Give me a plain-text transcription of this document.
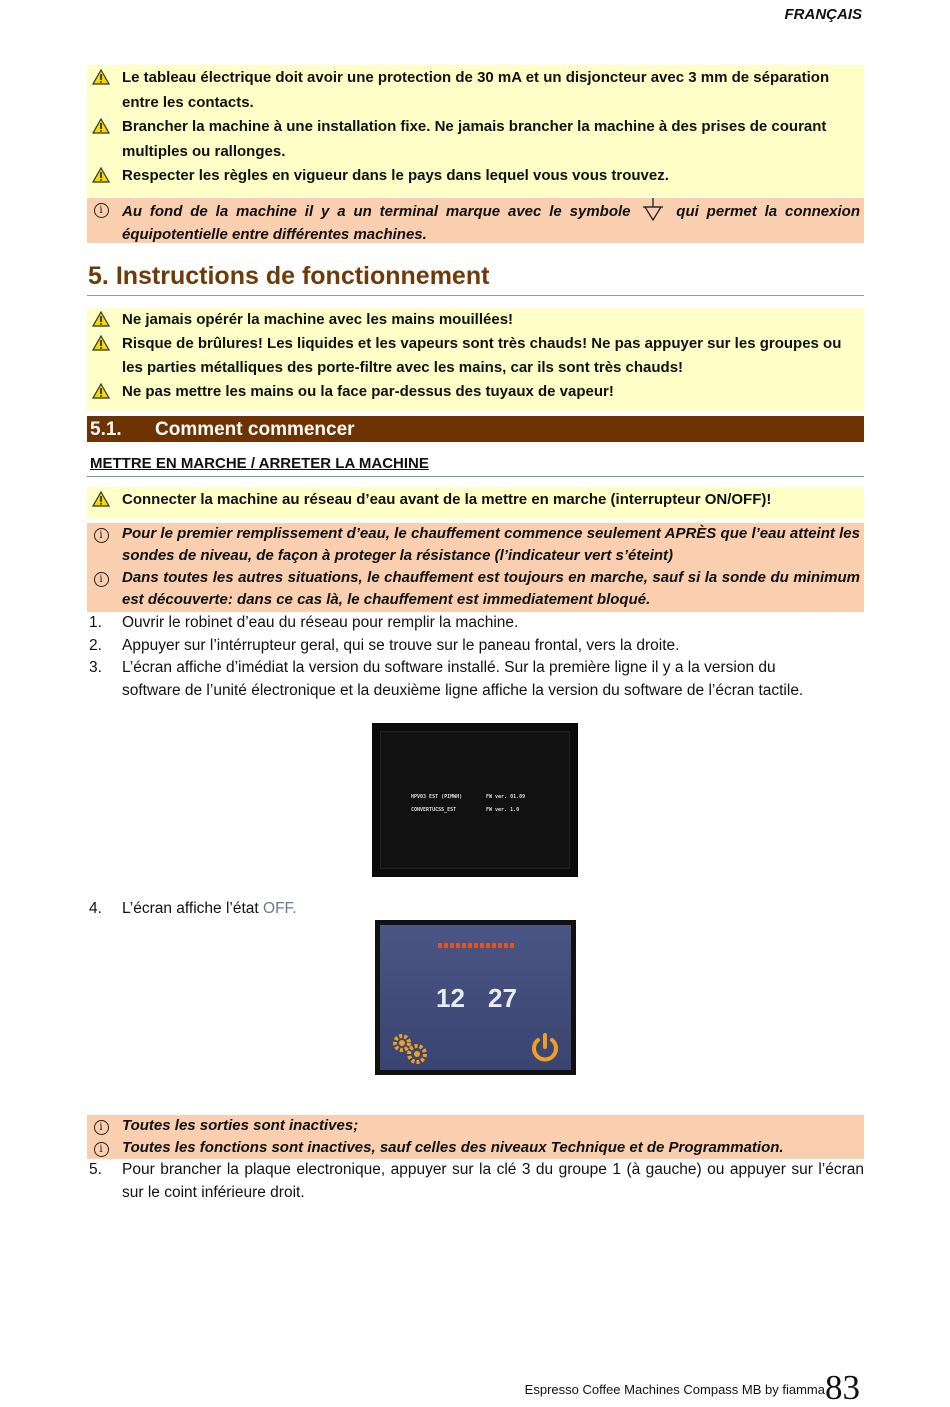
FRANÇAIS
Le tableau électrique doit avoir une protection de 30 mA et un disjoncteur avec 3 mm de séparation entre les contacts.
Brancher la machine à une installation fixe. Ne jamais brancher la machine à des prises de courant multiples ou rallonges.
Respecter les règles en vigueur dans le pays dans lequel vous vous trouvez.
i	Au fond de la machine il y a un terminal marque avec le symbole	qui permet la connexion équipotentielle entre différentes machines.
5. Instructions de fonctionnement
Ne jamais opérér la machine avec les mains mouillées!
Risque de brûlures! Les liquides et les vapeurs sont très chauds! Ne pas appuyer sur les groupes ou les parties métalliques des porte-filtre avec les mains, car ils sont très chauds!
Ne pas mettre les mains ou la face par-dessus des tuyaux de vapeur!
5.1. Comment commencer
METTRE EN MARCHE / ARRETER LA MACHINE
Connecter la machine au réseau d’eau avant de la mettre en marche (interrupteur ON/OFF)!
i	Pour le premier remplissement d’eau, le chauffement commence seulement APRÈS que l’eau atteint les sondes de niveau, de façon à proteger la résistance (l’indicateur vert s’éteint)
i	Dans toutes les autres situations, le chauffement est toujours en marche, sauf si la sonde du minimum est découverte: dans ce cas là, le chauffement est immediatement bloqué.
1. Ouvrir le robinet d’eau du réseau pour remplir la machine.
2. Appuyer sur l’intérrupteur geral, qui se trouve sur le paneau frontal, vers la droite.
3. L’écran affiche d’imédiat la version du software installé. Sur la première ligne il y a la version du software de l’unité électronique et la deuxième ligne affiche la version du software de l’écran tactile.
HPV03 EST (PIMWH)	FW ver. 01.09
CONVERTUCSS_EST	FW ver. 1.0
4. L’écran affiche l’état OFF.
12 27
i	Toutes les sorties sont inactives;
i	Toutes les fonctions sont inactives, sauf celles des niveaux Technique et de Programmation.
5. Pour brancher la plaque electronique, appuyer sur la clé 3 du groupe 1 (à gauche) ou appuyer sur l’écran sur le coint inférieure droit.
Espresso Coffee Machines Compass MB by fiamma83
